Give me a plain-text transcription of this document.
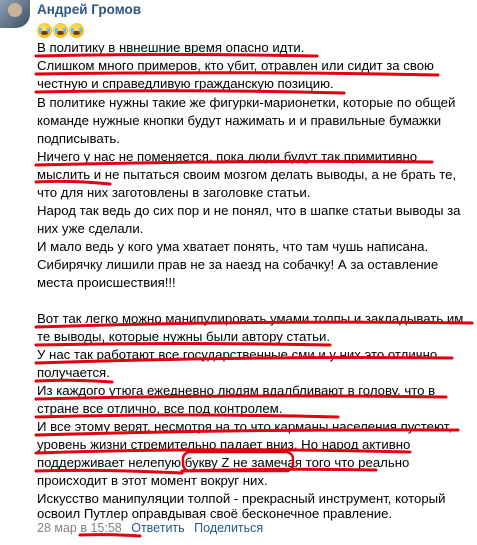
Андрей Громов
В политику в нвнешние время опасно идти.
Слишком много примеров, кто убит, отравлен или сидит за свою
честную и справедливую гражданскую позицию.
В политике нужны такие же фигурки-марионетки, которые по общей
команде нужные кнопки будут нажимать и и правильные бумажки
подписывать.
Ничего у нас не поменяется, пока люди будут так примитивно
мыслить и не пытаться своим мозгом делать выводы, а не брать те,
что для них заготовлены в заголовке статьи.
Народ так ведь до сих пор и не понял, что в шапке статьи выводы за
них уже сделали.
И мало ведь у кого ума хватает понять, что там чушь написана.
Сибирячку лишили прав не за наезд на собачку! А за оставление
места происшествия!!!
Вот так легко можно манипулировать умами толпы и закладывать им
те выводы, которые нужны были автору статьи.
У нас так работают все государственные сми и у них это отлично
получается.
Из каждого утюга ежедневно людям вдалбливают в голову, что в
стране все отлично, все под контролем.
И все этому верят, несмотря на то что карманы населения пустеют,
уровень жизни стремительно падает вниз. Но народ активно
поддерживает нелепую букву Z не замечая того что реально
происходит в этот момент вокруг них.
Искусство манипуляции толпой - прекрасный инструмент, который
освоил Путлер оправдывая своё бесконечное правление.
28 мар в 15:58 Ответить Поделиться
